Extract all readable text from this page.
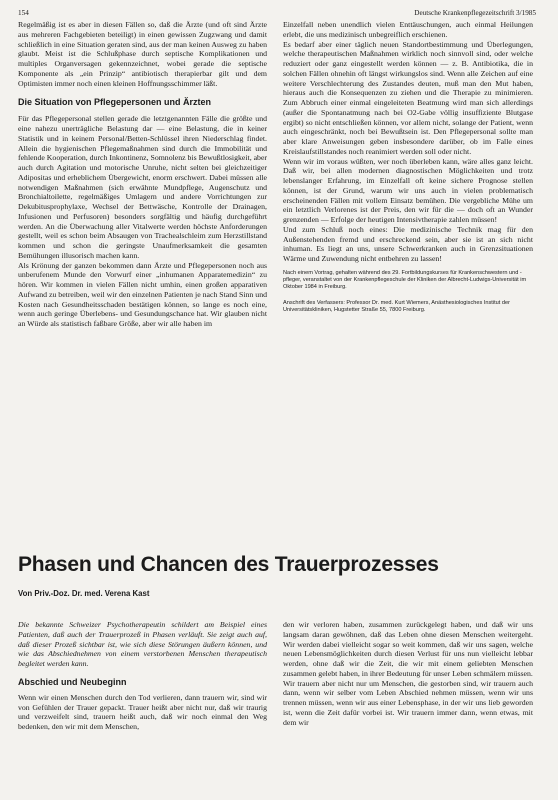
154	Deutsche Krankenpflegezeitschrift 3/1985

Regelmäßig ist es aber in diesen Fällen so, daß die Ärzte (und oft sind Ärzte aus mehreren Fachgebieten beteiligt) in einen gewissen Zugzwang und damit schließlich in eine Situation geraten sind, aus der man keinen Ausweg zu haben glaubt. Meist ist die Schlußphase durch septische Komplikationen und multiples Organversagen gekennzeichnet, wobei gerade die septische Komponente als „ein Prinzip“ antibiotisch therapierbar gilt und dem Optimisten immer noch einen kleinen Hoffnungsschimmer läßt.

Die Situation von Pflegepersonen und Ärzten

Für das Pflegepersonal stellen gerade die letztgenannten Fälle die größte und eine nahezu unerträgliche Belastung dar — eine Belastung, die in keiner Statistik und in keinem Personal/Betten-Schlüssel ihren Niederschlag findet. Allein die hygienischen Pflegemaßnahmen sind durch die Immobilität und fehlende Kooperation, durch Inkontinenz, Somnolenz bis Bewußtlosigkeit, aber auch durch Agitation und motorische Unruhe, nicht selten bei gleichzeitiger Adipositas und erheblichem Übergewicht, enorm erschwert. Dabei müssen alle notwendigen Maßnahmen (sich erwähnte Mundpflege, Augenschutz und Bronchialtoilette, regelmäßiges Umlagern und andere Vorrichtungen zur Dekubitusprophylaxe, Wechsel der Bettwäsche, Kontrolle der Drainagen, Infusionen und Perfusoren) besonders sorgfältig und häufig durchgeführt werden. An die Überwachung aller Vitalwerte werden höchste Anforderungen gestellt, weil es schon beim Absaugen von Trachealschleim zum Herzstillstand kommen und schon die geringste Unaufmerksamkeit die gesamten Bemühungen illusorisch machen kann.

Als Krönung der ganzen bekommen dann Ärzte und Pflegepersonen noch aus unberufenem Munde den Vorwurf einer „inhumanen Apparatemedizin“ zu hören. Wir kommen in vielen Fällen nicht umhin, einen großen apparativen Aufwand zu betreiben, weil wir den einzelnen Patienten je nach Stand Sinn und Kosten nach Gesundheitsschaden bestätigen können, so lange es noch eine, wenn auch geringe Überlebens- und Gesundungschance hat. Wir glauben nicht an Würde als statistisch faßbare Größe, aber wir alle haben im

Einzelfall neben unendlich vielen Enttäuschungen, auch einmal Heilungen erlebt, die uns medizinisch unbegreiflich erschienen.

Es bedarf aber einer täglich neuen Standortbestimmung und Überlegungen, welche therapeutischen Maßnahmen wirklich noch sinnvoll sind, oder welche reduziert oder ganz eingestellt werden können — z. B. Antibiotika, die in solchen Fällen ohnehin oft längst wirkungslos sind. Wenn alle Zeichen auf eine weitere Verschlechterung des Zustandes deuten, muß man den Mut haben, hieraus auch die Konsequenzen zu ziehen und die Therapie zu minimieren. Zum Abbruch einer einmal eingeleiteten Beatmung wird man sich allerdings (außer die Spontanatmung nach bei O2-Gabe völlig insuffiziente Blutgase ergibt) so nicht entschließen können, vor allem nicht, solange der Patient, wenn auch eingeschränkt, noch bei Bewußtsein ist. Den Pflegepersonal sollte man aber klare Anweisungen geben insbesondere darüber, ob im Falle eines Kreislaufstillstandes noch reanimiert werden soll oder nicht.

Wenn wir im voraus wüßten, wer noch überleben kann, wäre alles ganz leicht. Daß wir, bei allen modernen diagnostischen Möglichkeiten und trotz lebenslanger Erfahrung, im Einzelfall oft keine sichere Prognose stellen können, ist der Grund, warum wir uns auch in vielen problematisch erscheinenden Fällen mit vollem Einsatz bemühen. Die vergebliche Mühe um ein letztlich Verlorenes ist der Preis, den wir für die — doch oft an Wunder grenzenden — Erfolge der heutigen Intensivtherapie zahlen müssen!

Und zum Schluß noch eines: Die medizinische Technik mag für den Außenstehenden fremd und erschreckend sein, aber sie ist an sich nicht inhuman. Es liegt an uns, unsere Schwerkranken auch in Grenzsituationen Wärme und Zuwendung nicht entbehren zu lassen!

Nach einem Vortrag, gehalten während des 29. Fortbildungskurses für Krankenschwestern und -pfleger, veranstaltet von der Krankenpflegeschule der Kliniken der Albrecht-Ludwigs-Universität im Oktober 1984 in Freiburg.
Anschrift des Verfassers: Professor Dr. med. Kurt Wiemers, Anästhesiologisches Institut der Universitätskliniken, Hugstetter Straße 55, 7800 Freiburg.
Phasen und Chancen des Trauerprozesses
Von Priv.-Doz. Dr. med. Verena Kast

Die bekannte Schweizer Psychotherapeutin schildert am Beispiel eines Patienten, daß auch der Trauerprozeß in Phasen verläuft. Sie zeigt auch auf, daß dieser Prozeß sichtbar ist, wie sich diese Störungen äußern können, und wie das Abschiednehmen von einem verstorbenen Menschen therapeutisch begleitet werden kann.

Abschied und Neubeginn

Wenn wir einen Menschen durch den Tod verlieren, dann trauern wir, sind wir von Gefühlen der Trauer gepackt. Trauer heißt aber nicht nur, daß wir traurig und verzweifelt sind, trauern heißt auch, daß wir noch einmal den Weg bedenken, den wir mit dem Menschen,

den wir verloren haben, zusammen zurückgelegt haben, und daß wir uns langsam daran gewöhnen, daß das Leben ohne diesen Menschen weitergeht. Wir werden dabei vielleicht sogar so weit kommen, daß wir uns sagen, welche neuen Lebensmöglichkeiten durch diesen Verlust für uns nun vielleicht lebbar werden, ohne daß wir die Zeit, die wir mit einem geliebten Menschen zusammen gelebt haben, in ihrer Bedeutung für unser Leben schmälern müssen.

Wir trauern aber nicht nur um Menschen, die gestorben sind, wir trauern auch dann, wenn wir selber vom Leben Abschied nehmen müssen, wenn wir uns trennen müssen, wenn wir aus einer Lebensphase, in der wir uns lieb geworden ist, wenn die Zeit dafür vorbei ist. Wir trauern immer dann, wenn etwas, mit dem wir
